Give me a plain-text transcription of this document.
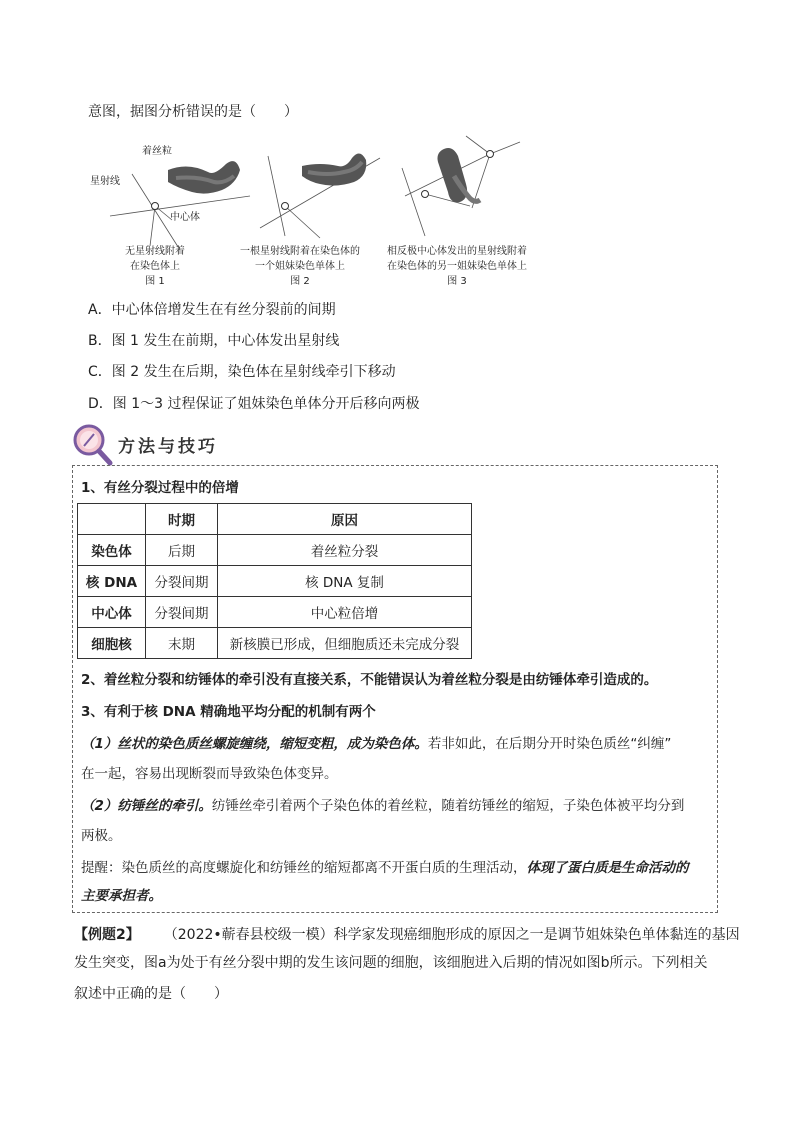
意图，据图分析错误的是（　　）
着丝粒
星射线
中心体
无星射线附着
在染色体上
图 1
一根星射线附着在染色体的
一个姐妹染色单体上
图 2
相反极中心体发出的星射线附着
在染色体的另一姐妹染色单体上
图 3
A．中心体倍增发生在有丝分裂前的间期
B．图 1 发生在前期，中心体发出星射线
C．图 2 发生在后期，染色体在星射线牵引下移动
D．图 1～3 过程保证了姐妹染色单体分开后移向两极
方法与技巧
1、有丝分裂过程中的倍增
	时期	原因
染色体	后期	着丝粒分裂
核 DNA	分裂间期	核 DNA 复制
中心体	分裂间期	中心粒倍增
细胞核	末期	新核膜已形成，但细胞质还未完成分裂
2、着丝粒分裂和纺锤体的牵引没有直接关系，不能错误认为着丝粒分裂是由纺锤体牵引造成的。
3、有利于核 DNA 精确地平均分配的机制有两个
（1）丝状的染色质丝螺旋缠绕，缩短变粗，成为染色体。若非如此，在后期分开时染色质丝“纠缠”
在一起，容易出现断裂而导致染色体变异。
（2）纺锤丝的牵引。纺锤丝牵引着两个子染色体的着丝粒，随着纺锤丝的缩短，子染色体被平均分到
两极。
提醒：染色质丝的高度螺旋化和纺锤丝的缩短都离不开蛋白质的生理活动，体现了蛋白质是生命活动的
主要承担者。
【例题2】 （2022•蕲春县校级一模）科学家发现癌细胞形成的原因之一是调节姐妹染色单体黏连的基因
发生突变，图a为处于有丝分裂中期的发生该问题的细胞，该细胞进入后期的情况如图b所示。下列相关
叙述中正确的是（　　）
